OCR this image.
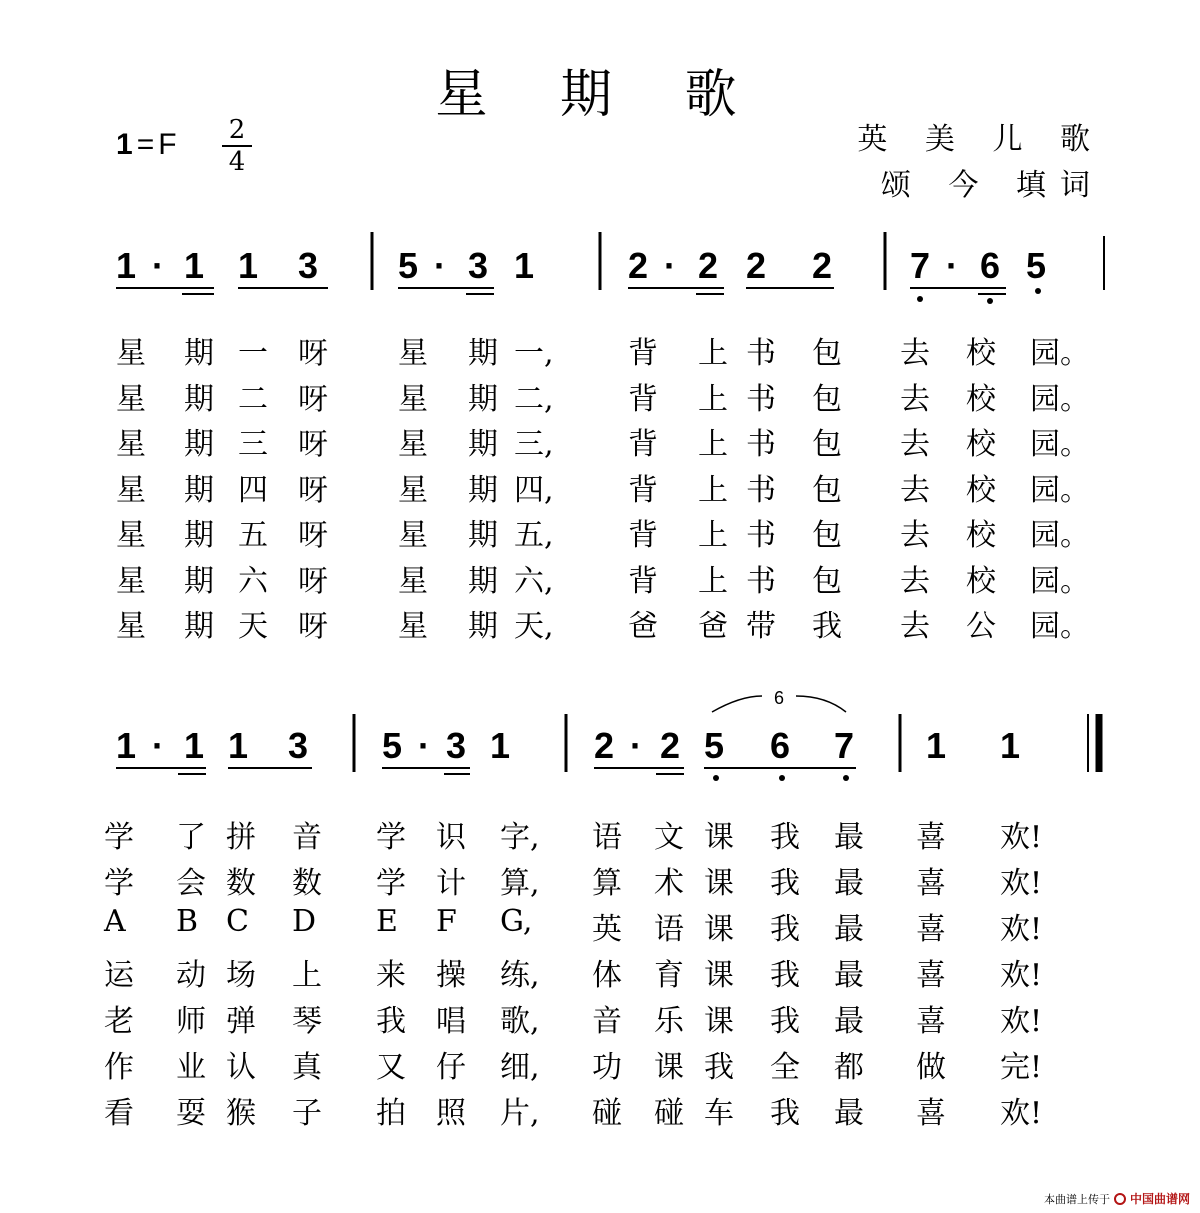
星 期 歌
1 = F 2
4
英 美 儿 歌
颂 今 填词
1 · 1 1 3 5 · 3 1	2 · 2 2 2 7 · 6 5
星 期 一 呀 星 期 一, 背 上 书 包 去 校 园。
星 期 二 呀 星 期 二, 背 上 书 包 去 校 园。
星 期 三 呀 星 期 三, 背 上 书 包 去 校 园。
星 期 四 呀 星 期 四, 背 上 书 包 去 校 园。
星 期 五 呀 星 期 五, 背 上 书 包 去 校 园。
星 期 六 呀 星 期 六, 背 上 书 包 去 校 园。
星 期 天 呀 星 期 天, 爸 爸 带 我 去 公 园。
6
1 · 1 1 3 5 · 3 1 2 · 2 5 6 7 1 1
学 了 拼 音 学 识 字, 语 文 课 我 最 喜 欢!
学 会 数 数 学 计 算, 算 术 课 我 最 喜 欢!
A B C D E F G, 英 语 课 我 最 喜 欢!
运 动 场 上 来 操 练, 体 育 课 我 最 喜 欢!
老 师 弹 琴 我 唱 歌, 音 乐 课 我 最 喜 欢!
作 业 认 真 又 仔 细, 功 课 我 全 都 做 完!
看 耍 猴 子 拍 照 片, 碰 碰 车 我 最 喜 欢!
本曲谱上传于 中国曲谱网
